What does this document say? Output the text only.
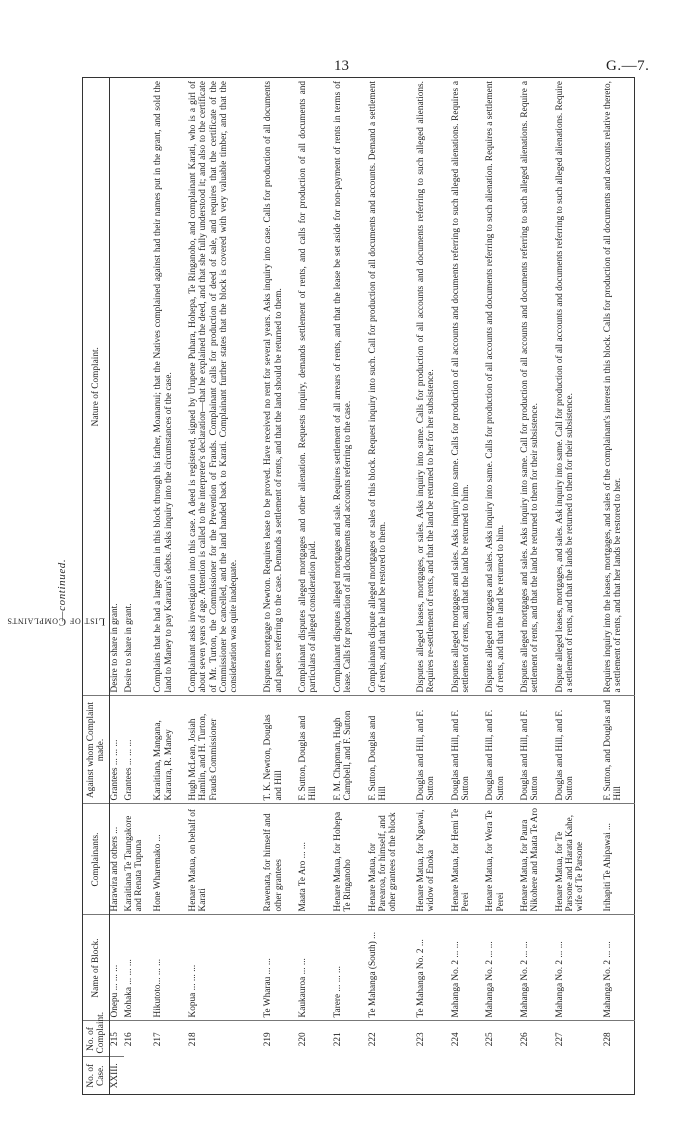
13	G.—7.
List of Complaints
—continued.
No. of Case.	No. of Complaint.	Name of Block.	Complainants.	Against whom Complaint made.	Nature of Complaint.
XXIII.	215	Onepu ... ... ...	Harawira and others ...	Grantees ... ... ...	Desire to share in grant.
	216	Mohaka ... ... ...	Karaitiana Te Taungakore and Renata Tupuna	Grantees ... ... ...	Desire to share in grant.
	217	Hikutoto... ... ...	Hone Wharemako ...	Karaitiana, Mangana, Karaura, R. Maney	Complains that he had a large claim in this block through his father, Moananui; that the Natives complained against had their names put in the grant, and sold the land to Maney to pay Karaura's debts. Asks inquiry into the circumstances of the case.
	218	Kopua ... ... ...	Henare Matua, on behalf of Karati	Hugh McLean, Josiah Hamlin, and H. Turton, Frauds Commissioner	Complainant asks investigation into this case. A deed is registered, signed by Urupene Puhara, Hohepa, Te Ringanoho, and complainant Karati, who is a girl of about seven years of age. Attention is called to the interpreter's declaration—that he explained the deed, and that she fully understood it; and also to the certificate of Mr. Turton, the Commissioner for the Prevention of Frauds. Complainant calls for production of deed of sale, and requires that the certificate of the Commissioner be cancelled, and the land handed back to Karati. Complainant further states that the block is covered with very valuable timber, and that the consideration was quite inadequate.
	219	Te Wharau ... ...	Rawenata, for himself and other grantees	T. K. Newton, Douglas and Hill	Disputes mortgage to Newton. Requires lease to be proved. Have received no rent for several years. Asks inquiry into case. Calls for production of all documents and papers referring to the case. Demands a settlement of rents, and that the land should be returned to them.
	220	Kaukauroa ... ...	Maata Te Aro ... ...	F. Sutton, Douglas and Hill	Complainant disputes alleged mortgages and other alienation. Requests inquiry, demands settlement of rents, and calls for production of all documents and particulars of alleged consideration paid.
	221	Tarere ... ... ...	Henare Matua, for Hohepa Te Ringanoho	F. M. Chapman, Hugh Campbell, and F. Sutton	Complainant disputes alleged mortgages and sale. Requires settlement of all arrears of rents, and that the lease be set aside for non-payment of rents in terms of lease. Calls for production of all documents and accounts referring to the case.
	222	Te Mahanga (South) ...	Henare Matua, for Parearoa, for himself, and other grantees of the block	F. Sutton, Douglas and Hill	Complainants dispute alleged mortgages or sales of this block. Request inquiry into such. Call for production of all documents and accounts. Demand a settlement of rents, and that the land be restored to them.
	223	Te Mahanga No. 2 ...	Henare Matua, for Ngawai, widow of Enoka	Douglas and Hill, and F. Sutton	Disputes alleged leases, mortgages, or sales. Asks inquiry into same. Calls for production of all accounts and documents referring to such alleged alienations. Requires re-settlement of rents, and that the land be returned to her for her subsistence.
	224	Mahanga No. 2 ... ...	Henare Matua, for Hemi Te Perei	Douglas and Hill, and F. Sutton	Disputes alleged mortgages and sales. Asks inquiry into same. Calls for production of all accounts and documents referring to such alleged alienations. Requires a settlement of rents, and that the land be returned to him.
	225	Mahanga No. 2 ... ...	Henare Matua, for Wera Te Perei	Douglas and Hill, and F. Sutton	Disputes alleged mortgages and sales. Asks inquiry into same. Calls for production of all accounts and documents referring to such alienation. Requires a settlement of rents, and that the land be returned to him.
	226	Mahanga No. 2 ... ...	Henare Matua, for Paura Nikohere and Maata Te Aro	Douglas and Hill, and F. Sutton	Disputes alleged mortgages and sales. Asks inquiry into same. Call for production of all accounts and documents referring to such alleged alienations. Require a settlement of rents, and that the land be returned to them for their subsistence.
	227	Mahanga No. 2 ... ...	Henare Matua, for Te Parsone and Harata Kahe, wife of Te Parsone	Douglas and Hill, and F. Sutton	Dispute alleged leases, mortgages, and sales. Ask inquiry into same. Call for production of all accounts and documents referring to such alleged alienations. Require a settlement of rents, and that the lands be returned to them for their subsistence.
	228	Mahanga No. 2 ... ...	Irihapiti Te Ahipawai ...	F. Sutton, and Douglas and Hill	Requires inquiry into the leases, mortgages, and sales of the complainant's interest in this block. Calls for production of all documents and accounts relative thereto, a settlement of rents, and that her lands be restored to her.
